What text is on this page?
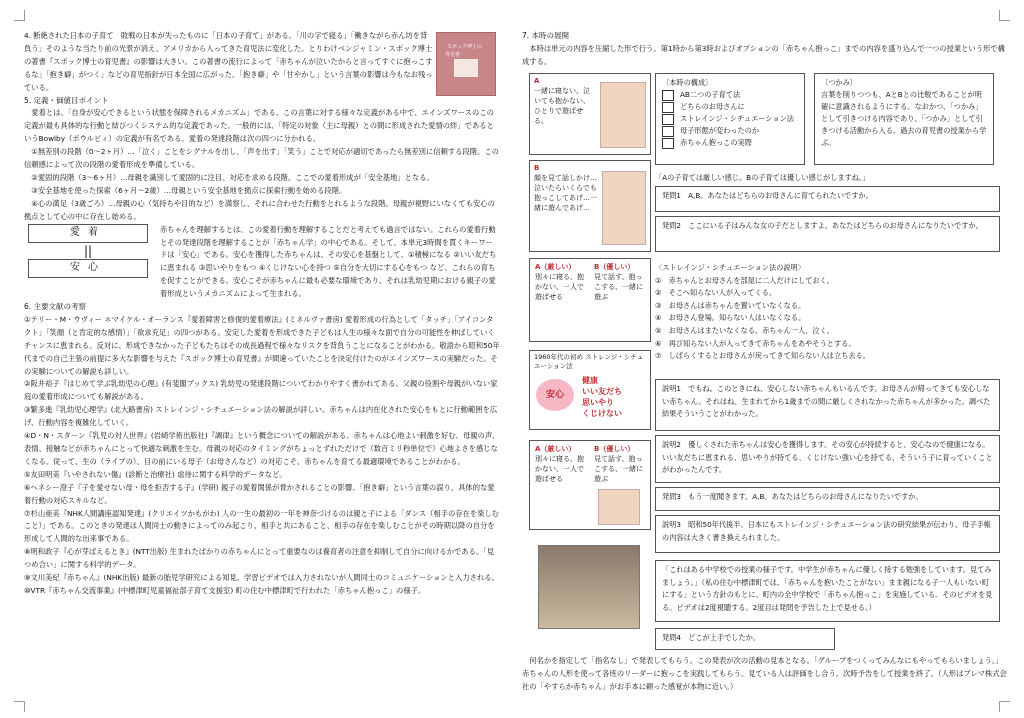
スポック博士の
育児書

4. 断絶された日本の子育て　 敗戦の日本が失ったものに「日本の子育て」がある。「川の字で寝る」「働きながら赤ん坊を背負う」そのような当たり前の光景が消え、アメリカから入ってきた育児法に変化した。とりわけベンジャミン・スポック博士の著書『スポック博士の育児書』の影響は大きい。この著書の流行によって「赤ちゃんが泣いたからと言ってすぐに抱っこするな」「抱き癖」がつく」などの育児指針が日本全国に広がった。「抱き癖」や「甘やかし」という言葉の影響は今もなお残っている。

5. 定義・価値目ポイント

愛着とは、「自身が安心できるという状態を保障されるメカニズム」である。この言葉に対する様々な定義がある中で、エインズワースのこの定義が最も具体的な行動と結びつくシステム的な定義であった。一般的には、「特定の対象（主に母親）との間に形成された愛情の絆」であるというBowlby（ボウルビィ）の定義が有名である。愛着の発達段階は次の四つに分かれる。

①無差別の段階（0〜2ヶ月）…「泣く」ことをシグナルを出し、「声を出す」「笑う」ことで対応が適切であったら無差別に信頼する段階。この信頼感によって次の段階の愛着形成を準備している。

②愛固的段階（3〜6ヶ月）…母親を識別して愛固的に注目、対応を求める段階。ここでの愛着形成が「安全基地」となる。

③安全基地を使った探索（6ヶ月〜2歳）…母親という安全基地を拠点に探索行動を始める段階。

④心の満足（3歳ごろ）…母親の心（気持ちや目的など）を満察し、それに合わせた行動をとれるような段階。母親が視野にいなくても安心の拠点として心の中に存在し始める。

愛着
||
安心

赤ちゃんを理解するとは、この愛着行動を理解することだと考えても過言ではない。これらの愛着行動とその発達段階を理解することが「赤ちゃん学」の中心である。そして、本単元3時間を貫くキーワードは「安心」である。安心を獲得した赤ちゃんは、その安心を基盤として、①積極になる ②いい友だちに恵まれる ③思いやりをもつ ④くじけない心を持つ ⑤自分を大切にする心をもつ など、これらの育ちを促すことができる。安心こそが赤ちゃんに最も必要な環境であり、それは乳幼児期における親子の愛着形成というメカニズムによって生まれる。

6. 主要文献の考察

①テリー・M・ウヴィー ＊マイケル・オーランス『愛着障害と修復的愛着療法』(ミネルヴァ書房) 愛着形成の行為として「タッチ」「アイコンタクト」「笑顔（と肯定的な感情）」「欲求充足」の四つがある。安定した愛着を形成できた子どもは人生の様々な面で自分の可能性を伸ばしていくチャンスに恵まれる。反対に、形成できなかった子どもたちはその成長過程で様々なリスクを背負うことになることがわかる。敬語から昭和50年代までの自己主張の前提に多大な影響を与えた『スポック博士の育児書』が間違っていたことを決定付けたのがエインズワースの実験だった。その実験についての解説も詳しい。

②阪井裕子『はじめて学ぶ乳幼児の心理』(有斐閣ブックス) 乳幼児の発達段階についてわかりやすく書かれてある。父親の役割や母親がいない家庭の愛着形成についても解説がある。

③繁多進『乳幼児心理学』(北大路書房) ストレインジ・シチュエーション法の解説が詳しい。赤ちゃんは内在化された安心をもとに行動範囲を広げ、行動内容を複雑化していく。

④D・N・スターン『乳児の対人世界』(岩崎学術出版社)『調律』という概念についての解説がある。赤ちゃんは心地よい刺激を好む。母親の声、表情、接触などが赤ちゃんにとって快適な刺激を生む。母親の対応のタイミングがちょっとずれただけで（数百ミリ秒単位で）心地よさを感じなくなる。従って、生の（ライブの）、目の前にいる母子（お母さんなど）の対応こそ、赤ちゃんを育てる最適環境であることがわかる。

⑤友田明美『いやされない傷』(診断と治療社) 虐待に関する科学的データなど。

⑥ヘネシー澄子『子を愛せない母・母を拒否する子』(学研) 親子の愛着関係が脅かされることの影響、「抱き癖」という言葉の誤り、具体的な愛着行動の対応スキルなど。

⑦杉山亜美『NHK人間講座認知発達』(クリエイツかもがわ) 人の一生の最初の一年を神奈づけるのは親と子による「ダンス（相手の存在を楽しむこと）」である。このときの発達は人間同士の動きによってのみ起こり、相手と共にあること、相手の存在を楽しむことがその時期以降の自分を形成して人間的な出来事である。

⑧明和政子『心が芽ばえるとき』(NTT出版) 生まれたばかりの赤ちゃんにとって重要なのは養育者の注意を抑制して自分に向けるかである。「見つめ合い」に関する科学的データ。

⑨文川美紀『赤ちゃん』(NHK出版) 最新の胎児学研究による知見。学習ビデオでは入力されないが人間同士のコミュニケーションと入力される。

⑩VTR『赤ちゃん交流事業』(中標津町児童福祉部子育て支援室) 町の住む中標津町で行われた「赤ちゃん抱っこ」の様子。

7. 本時の展開

本時は単元の内容を圧縮した形で行う。第1時から第3時およびオプションの「赤ちゃん抱っこ」までの内容を盛り込んで一つの授業という形で構成する。

A
一緒に寝ない、泣いても抱かない、ひとりで遊ばせる。
〔本時の構成〕
AB二つの子育て法
どちらのお母さんに
ストレインジ・シチュエーション法
母子形態が変わったのか
赤ちゃん抱っこの実際
〔つかみ〕
言葉を削りつつも、AとBとの比較であることが明確に意識されるようにする。なおかつ、「つかみ」として引きつける内容であり、「つかみ」として引きつける活動から入る。過去の育児書の授業から学ぶ。
B
顔を見て話しかけ…泣いたらいくらでも抱っこしてあげ…一緒に遊んであげ…
「Aの子育ては厳しい感じ。Bの子育ては優しい感じがしますね。」
発問1　A,B。あなたはどちらのお母さんに育てられたいですか。
発問2　ここにいる子はみんな女の子だとしますよ。あなたはどちらのお母さんになりたいですか。
A（厳しい）
別々に寝る、抱かない、一人で遊ばせる
B（優しい）
見て話す、抱っこする、一緒に遊ぶ
〈ストレインジ・シチュエーション法の説明〉
①　赤ちゃんとお母さんを部屋に二人だけにしておく。
②　そこへ知らない人が入ってくる。
③　お母さんは赤ちゃんを置いていなくなる。
④　お母さん登場。知らない人はいなくなる。
⑤　お母さんはまたいなくなる。赤ちゃん一人、泣く。
⑥　再び知らない人が入ってきて赤ちゃんをあやそうとする。
⑦　しばらくするとお母さんが戻ってきて知らない人は立ち去る。
1960年代の初め ストレンジ・シチュエーション法
安心
健康
いい友だち
思いやり
くじけない
説明1　でもね。このときにね、安心しない赤ちゃんもいるんです。お母さんが帰ってきても安心しない赤ちゃん。それはね、生まれてから1歳までの間に厳しくされなかった赤ちゃんが多かった。調べた結果そういうことがわかった。
説明2　優しくされた赤ちゃんは安心を獲得します。その安心が持続すると、安心なので健康になる。いい友だちに恵まれる、思いやりが持てる、くじけない強い心を持てる、そういう子に育っていくことがわかったんです。
A（厳しい）
別々に寝る、抱かない、一人で遊ばせる
B（優しい）
見て話す、抱っこする、一緒に遊ぶ
発問3　もう一度聞きます。A,B。あなたはどちらのお母さんになりたいですか。
説明3　昭和50年代後半、日本にもストレインジ・シチュエーション法の研究結果が伝わり、母子手帳の内容は大きく書き換えられました。
「これはある中学校での授業の様子です。中学生が赤ちゃんに優しく接する勉強をしています。見てみましょう。」（私の住む中標津町では、「赤ちゃんを抱いたことがない」まま親になる子一人もいない町にする」という方針のもとに、町内の全中学校で「赤ちゃん抱っこ」を実施している。そのビデオを見る。ビデオは2度視聴する。2度目は発問を予告した上で見せる。）
発問4　どこが上手でしたか。
何名かを指定して「指名なし」で発表してもらう。この発表が次の活動の見本となる。「グループをつくってみんなにもやってもらいましょう。」赤ちゃんの人形を使って各班のリーダーに抱っこを実践してもらう。見ている人は評価をし合う。次時予告をして授業を終了。（人形はブレマ株式会社の「やすらか赤ちゃん」がお手本に頼った感覚が本物に近い。）
